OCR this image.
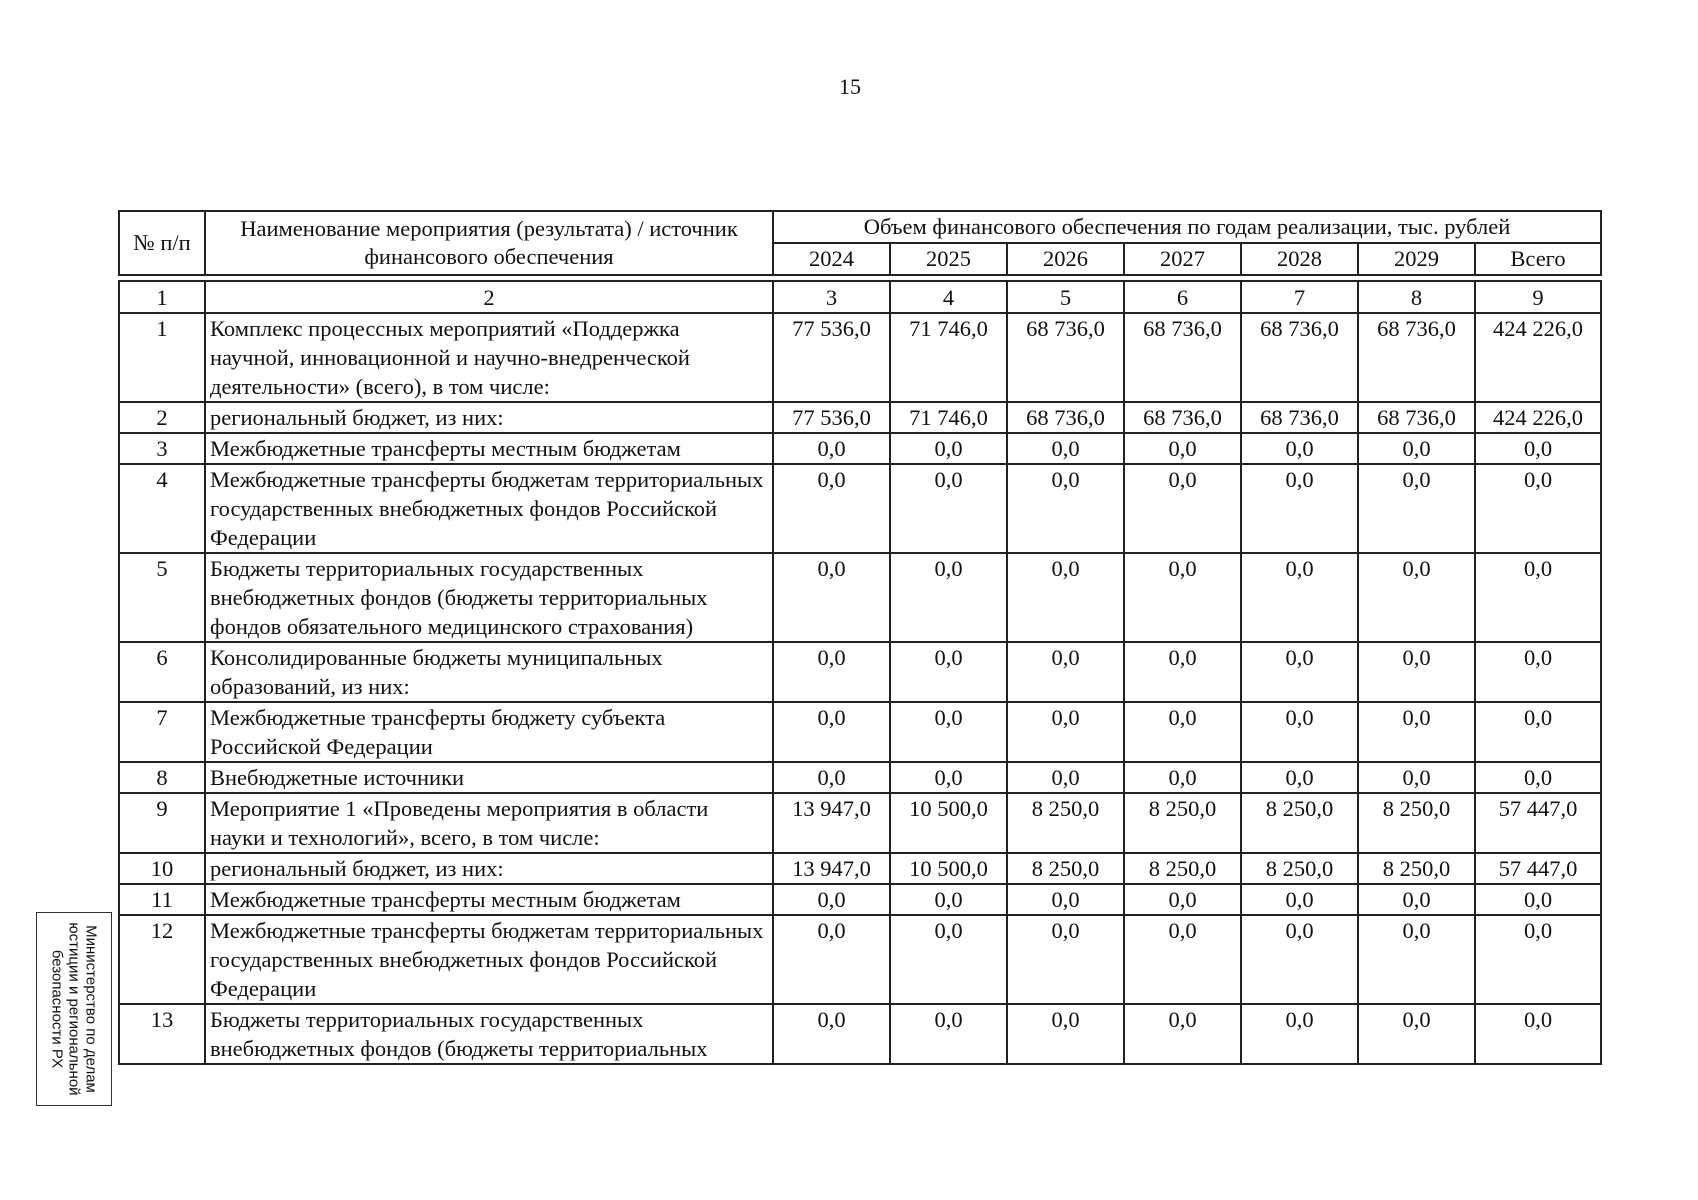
15
№ п/п	Наименование мероприятия (результата) / источник финансового обеспечения	Объем финансового обеспечения по годам реализации, тыс. рублей						
		2024	2025	2026	2027	2028	2029	Всего

1	2	3	4	5	6	7	8	9
1	Комплекс процессных мероприятий «Поддержка научной, инновационной и научно-внедренческой деятельности» (всего), в том числе:	77 536,0	71 746,0	68 736,0	68 736,0	68 736,0	68 736,0	424 226,0
2	региональный бюджет, из них:	77 536,0	71 746,0	68 736,0	68 736,0	68 736,0	68 736,0	424 226,0
3	Межбюджетные трансферты местным бюджетам	0,0	0,0	0,0	0,0	0,0	0,0	0,0
4	Межбюджетные трансферты бюджетам территориальных государственных внебюджетных фондов Российской Федерации	0,0	0,0	0,0	0,0	0,0	0,0	0,0
5	Бюджеты территориальных государственных внебюджетных фондов (бюджеты территориальных фондов обязательного медицинского страхования)	0,0	0,0	0,0	0,0	0,0	0,0	0,0
6	Консолидированные бюджеты муниципальных образований, из них:	0,0	0,0	0,0	0,0	0,0	0,0	0,0
7	Межбюджетные трансферты бюджету субъекта Российской Федерации	0,0	0,0	0,0	0,0	0,0	0,0	0,0
8	Внебюджетные источники	0,0	0,0	0,0	0,0	0,0	0,0	0,0
9	Мероприятие 1 «Проведены мероприятия в области науки и технологий», всего, в том числе:	13 947,0	10 500,0	8 250,0	8 250,0	8 250,0	8 250,0	57 447,0
10	региональный бюджет, из них:	13 947,0	10 500,0	8 250,0	8 250,0	8 250,0	8 250,0	57 447,0
11	Межбюджетные трансферты местным бюджетам	0,0	0,0	0,0	0,0	0,0	0,0	0,0
12	Межбюджетные трансферты бюджетам территориальных государственных внебюджетных фондов Российской Федерации	0,0	0,0	0,0	0,0	0,0	0,0	0,0
13	Бюджеты территориальных государственных внебюджетных фондов (бюджеты территориальных	0,0	0,0	0,0	0,0	0,0	0,0	0,0
Министерство по делам
юстиции и региональной
безопасности РХ
